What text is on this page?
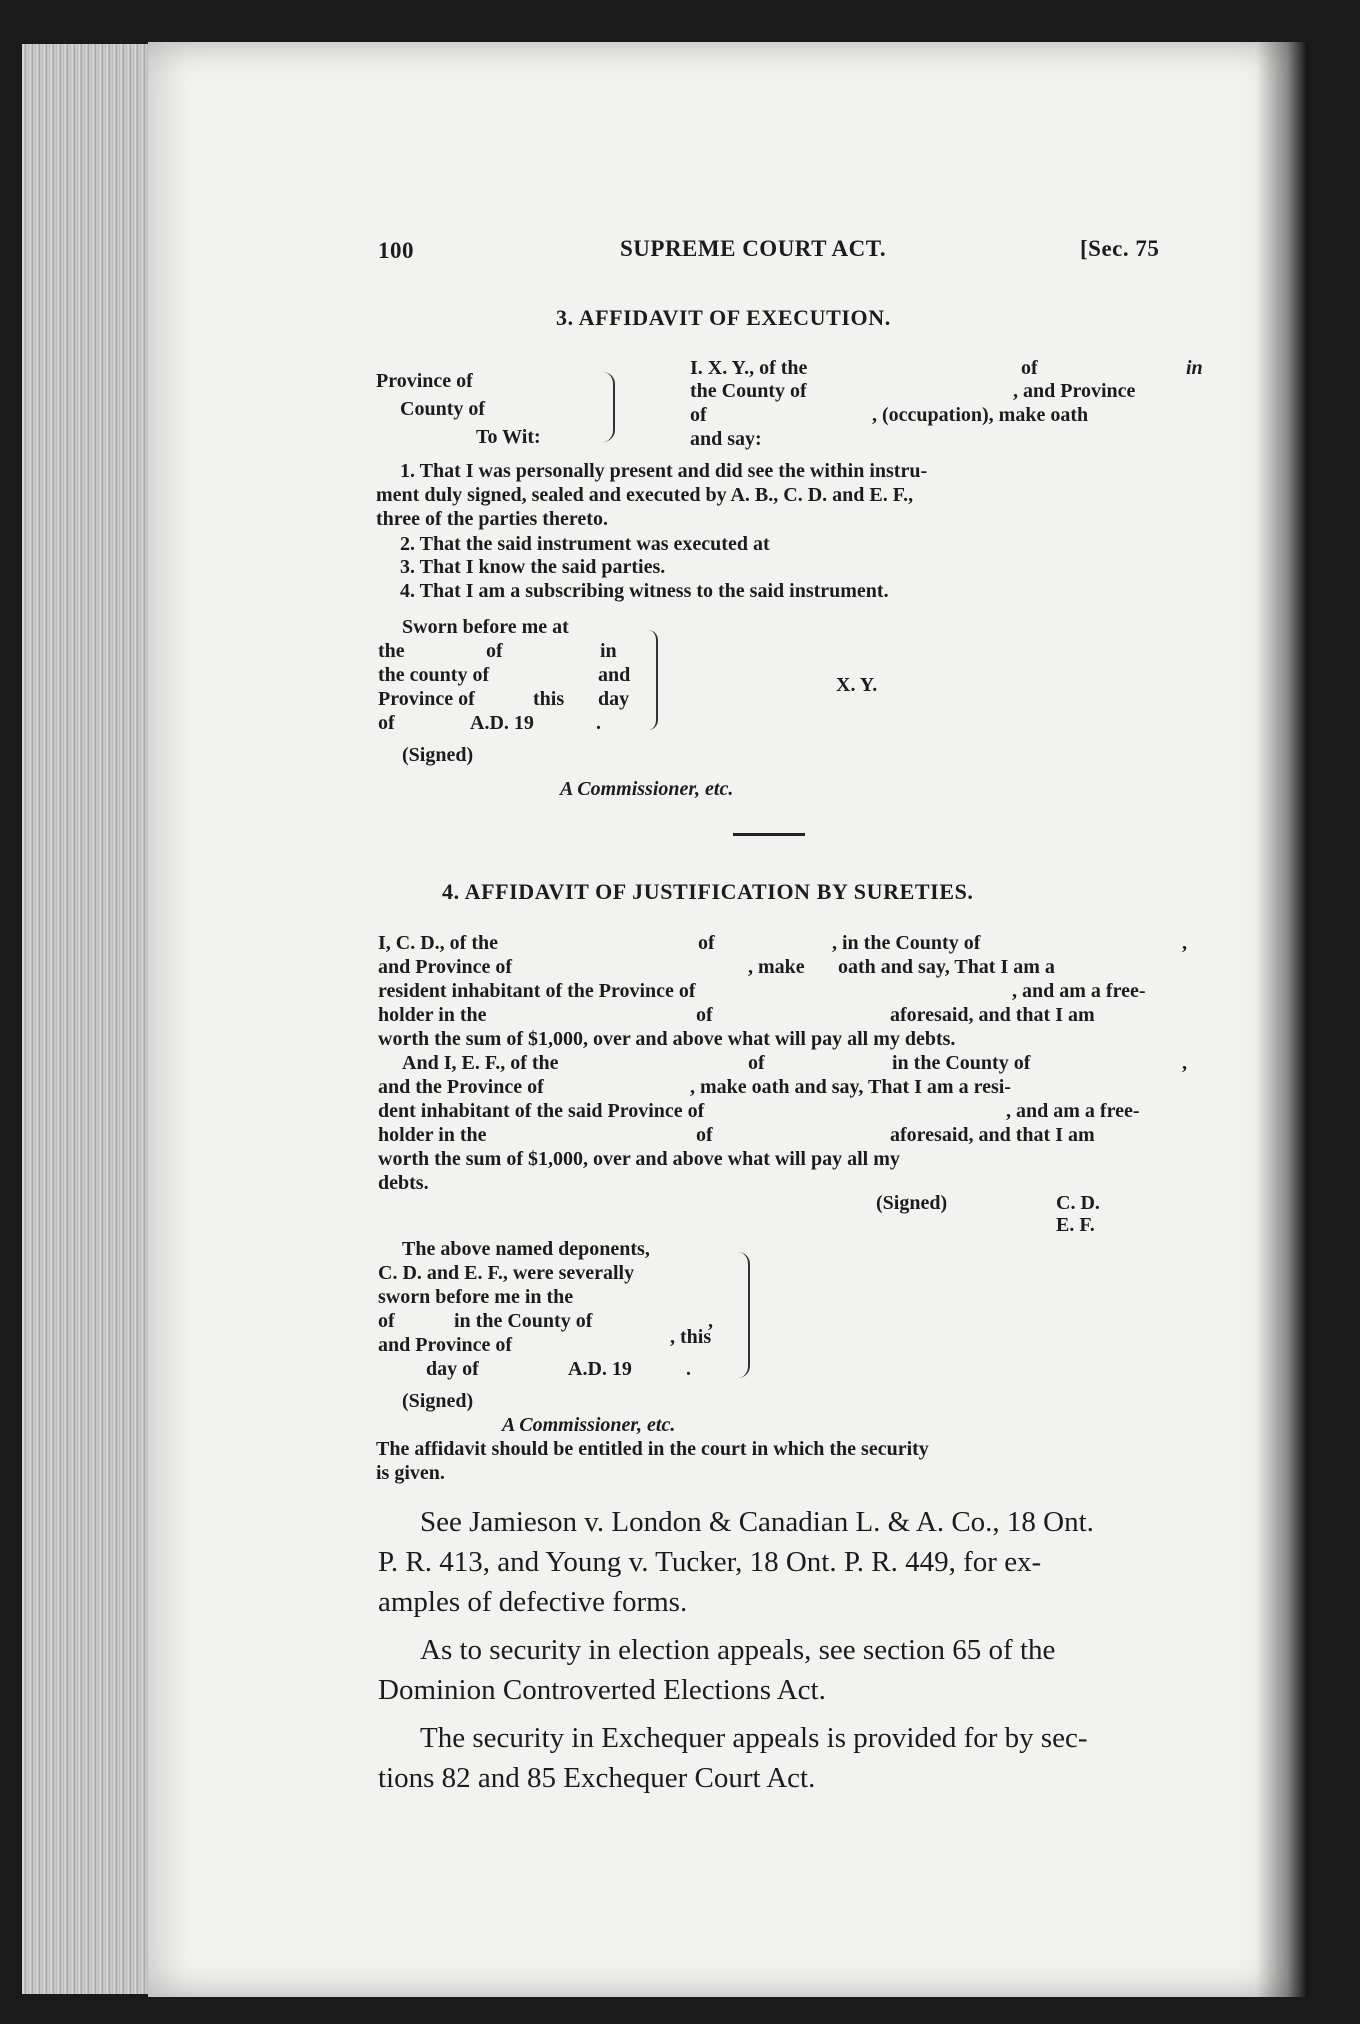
100	SUPREME COURT ACT.	[Sec. 75
3. AFFIDAVIT OF EXECUTION.
Province of
County of
To Wit:
I. X. Y., of the	of	in
the County of	, and Province
of	, (occupation), make oath
and say:
1. That I was personally present and did see the within instru-
ment duly signed, sealed and executed by A. B., C. D. and E. F.,
three of the parties thereto.
2. That the said instrument was executed at
3. That I know the said parties.
4. That I am a subscribing witness to the said instrument.
Sworn before me at
the	of	in
the county of	and
Province of	this day
of	A.D. 19	.
X. Y.
(Signed)
A Commissioner, etc.
4. AFFIDAVIT OF JUSTIFICATION BY SURETIES.
I, C. D., of the	of	, in the County of	,
and Province of	, make oath and say, That I am a
resident inhabitant of the Province of	, and am a free-
holder in the	of	aforesaid, and that I am
worth the sum of $1,000, over and above what will pay all my debts.
And I, E. F., of the	of	in the County of	,
and the Province of	, make oath and say, That I am a resi-
dent inhabitant of the said Province of	, and am a free-
holder in the	of	aforesaid, and that I am
worth the sum of $1,000, over and above what will pay all my
debts.
(Signed)	C. D.
E. F.
The above named deponents,
C. D. and E. F., were severally
sworn before me in the
of	in the County of	,
and Province of	, this
day of	A.D. 19	.
(Signed)
A Commissioner, etc.
The affidavit should be entitled in the court in which the security
is given.
See Jamieson v. London & Canadian L. & A. Co., 18 Ont.
P. R. 413, and Young v. Tucker, 18 Ont. P. R. 449, for ex-
amples of defective forms.
As to security in election appeals, see section 65 of the
Dominion Controverted Elections Act.
The security in Exchequer appeals is provided for by sec-
tions 82 and 85 Exchequer Court Act.
